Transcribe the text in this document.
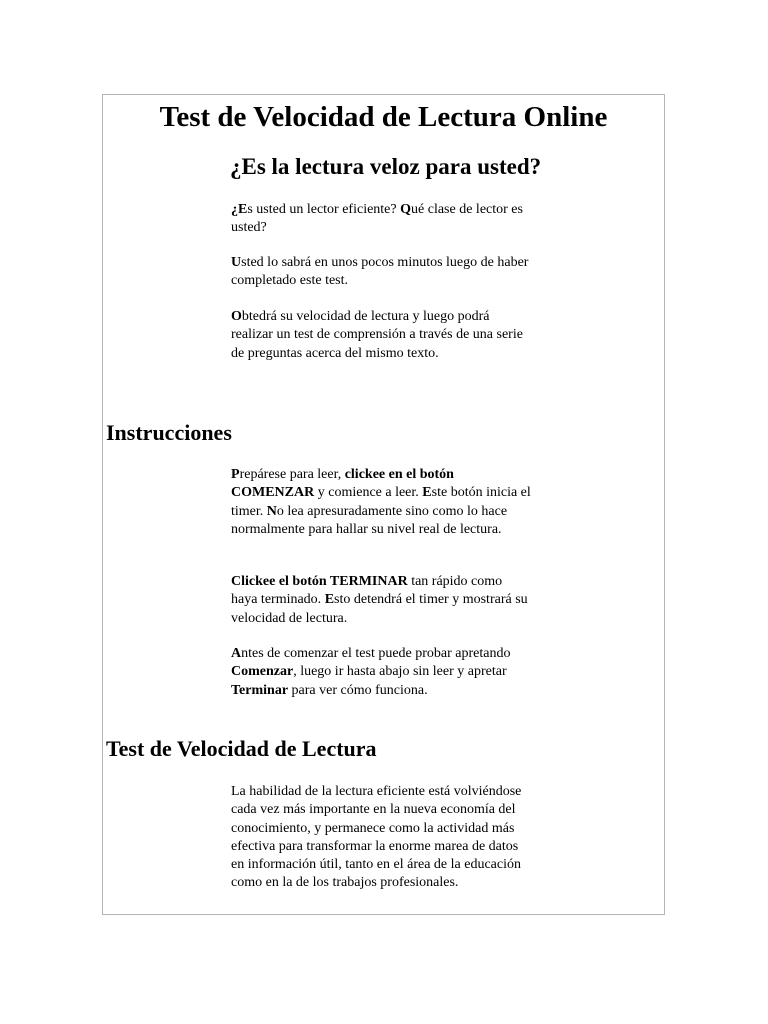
Test de Velocidad de Lectura Online
¿Es la lectura veloz para usted?

¿Es usted un lector eficiente? Qué clase de lector es usted?

Usted lo sabrá en unos pocos minutos luego de haber completado este test.

Obtedrá su velocidad de lectura y luego podrá realizar un test de comprensión a través de una serie de preguntas acerca del mismo texto.

Instrucciones

Prepárese para leer, clickee en el botón COMENZAR y comience a leer. Este botón inicia el timer. No lea apresuradamente sino como lo hace normalmente para hallar su nivel real de lectura.

Clickee el botón TERMINAR tan rápido como haya terminado. Esto detendrá el timer y mostrará su velocidad de lectura.

Antes de comenzar el test puede probar apretando Comenzar, luego ir hasta abajo sin leer y apretar Terminar para ver cómo funciona.

Test de Velocidad de Lectura

La habilidad de la lectura eficiente está volviéndose cada vez más importante en la nueva economía del conocimiento, y permanece como la actividad más efectiva para transformar la enorme marea de datos en información útil, tanto en el área de la educación como en la de los trabajos profesionales.
